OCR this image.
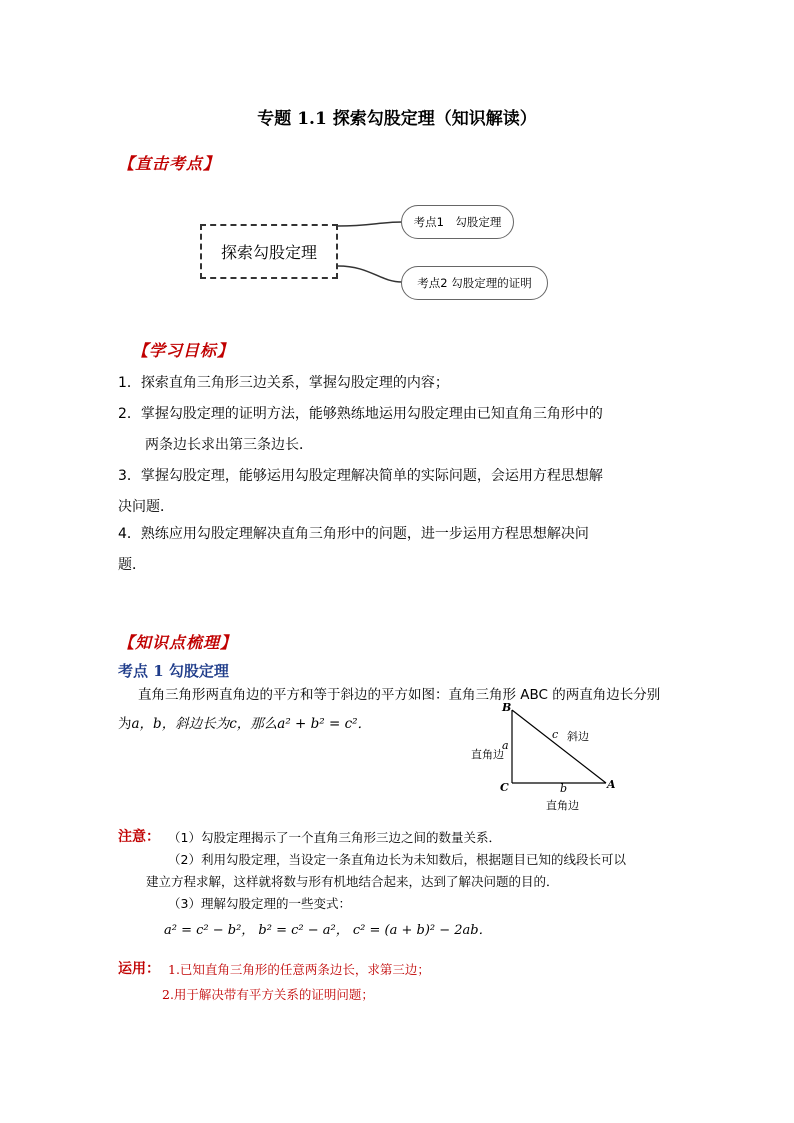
专题 1.1 探索勾股定理（知识解读）
【直击考点】
探索勾股定理
考点1　勾股定理
考点2 勾股定理的证明
【学习目标】
1．探索直角三角形三边关系，掌握勾股定理的内容；
2．掌握勾股定理的证明方法，能够熟练地运用勾股定理由已知直角三角形中的
两条边长求出第三条边长．
3．掌握勾股定理，能够运用勾股定理解决简单的实际问题，会运用方程思想解
决问题．
4．熟练应用勾股定理解决直角三角形中的问题，进一步运用方程思想解决问
题．
【知识点梳理】
考点 1 勾股定理
直角三角形两直角边的平方和等于斜边的平方如图：直角三角形 ABC 的两直角边长分别
为a，b，斜边长为c，那么a² + b² = c²．
B
C	A
a
c
b
直角边
直角边
斜边
注意： （1）勾股定理揭示了一个直角三角形三边之间的数量关系．
（2）利用勾股定理，当设定一条直角边长为未知数后，根据题目已知的线段长可以
建立方程求解，这样就将数与形有机地结合起来，达到了解决问题的目的．
（3）理解勾股定理的一些变式：
a² = c² − b²， b² = c² − a²， c² = (a + b)² − 2ab．
运用： 1.已知直角三角形的任意两条边长，求第三边；
2.用于解决带有平方关系的证明问题；
